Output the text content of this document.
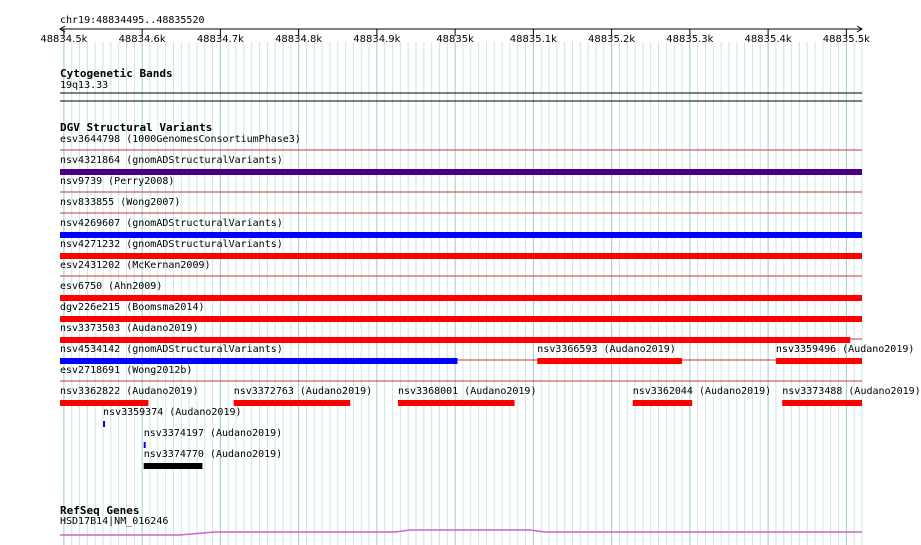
chr19:48834495..48835520
48834.5k	48834.6k	48834.7k	48834.8k	48834.9k	48835k	48835.1k	48835.2k	48835.3k	48835.4k	48835.5k
Cytogenetic Bands
19q13.33
DGV Structural Variants
esv3644798 (1000GenomesConsortiumPhase3)
nsv4321864 (gnomADStructuralVariants)
nsv9739 (Perry2008)
nsv833855 (Wong2007)
nsv4269607 (gnomADStructuralVariants)
nsv4271232 (gnomADStructuralVariants)
esv2431202 (McKernan2009)
esv6750 (Ahn2009)
dgv226e215 (Boomsma2014)
nsv3373503 (Audano2019)
nsv4534142 (gnomADStructuralVariants)	nsv3366593 (Audano2019)	nsv3359496 (Audano2019)
esv2718691 (Wong2012b)
nsv3362822 (Audano2019)	nsv3372763 (Audano2019)	nsv3368001 (Audano2019)	nsv3362044 (Audano2019) nsv3373488 (Audano2019)
nsv3359374 (Audano2019)
nsv3374197 (Audano2019)
nsv3374770 (Audano2019)
RefSeq Genes
HSD17B14|NM_016246
